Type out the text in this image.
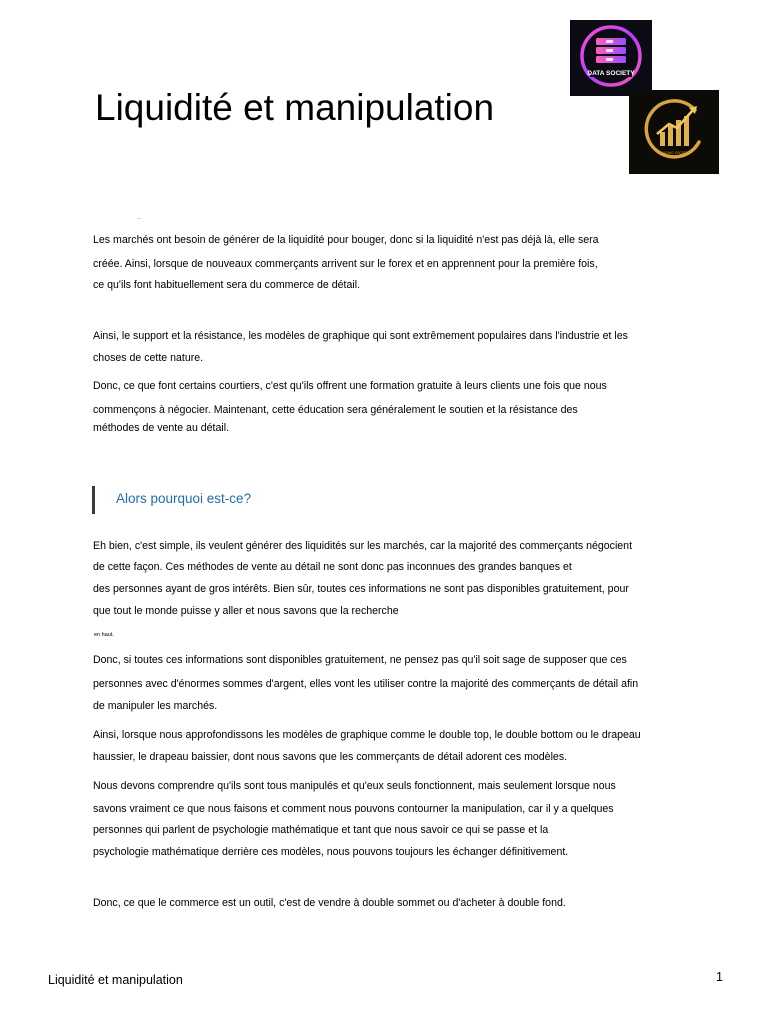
Liquidité et manipulation
DATA SOCIETY
TRADING SOCIETY
Les marchés ont besoin de générer de la liquidité pour bouger, donc si la liquidité n'est pas déjà là, elle sera
créée. Ainsi, lorsque de nouveaux commerçants arrivent sur le forex et en apprennent pour la première fois,
ce qu'ils font habituellement sera du commerce de détail.
Ainsi, le support et la résistance, les modèles de graphique qui sont extrêmement populaires dans l'industrie et les
choses de cette nature.
Donc, ce que font certains courtiers, c'est qu'ils offrent une formation gratuite à leurs clients une fois que nous
commençons à négocier. Maintenant, cette éducation sera généralement le soutien et la résistance des
méthodes de vente au détail.
Alors pourquoi est-ce?
Eh bien, c'est simple, ils veulent générer des liquidités sur les marchés, car la majorité des commerçants négocient
de cette façon. Ces méthodes de vente au détail ne sont donc pas inconnues des grandes banques et
des personnes ayant de gros intérêts. Bien sûr, toutes ces informations ne sont pas disponibles gratuitement, pour
que tout le monde puisse y aller et nous savons que la recherche
en haut.
Donc, si toutes ces informations sont disponibles gratuitement, ne pensez pas qu'il soit sage de supposer que ces
personnes avec d'énormes sommes d'argent, elles vont les utiliser contre la majorité des commerçants de détail afin
de manipuler les marchés.
Ainsi, lorsque nous approfondissons les modèles de graphique comme le double top, le double bottom ou le drapeau
haussier, le drapeau baissier, dont nous savons que les commerçants de détail adorent ces modèles.
Nous devons comprendre qu'ils sont tous manipulés et qu'eux seuls fonctionnent, mais seulement lorsque nous
savons vraiment ce que nous faisons et comment nous pouvons contourner la manipulation, car il y a quelques
personnes qui parlent de psychologie mathématique et tant que nous savoir ce qui se passe et la
psychologie mathématique derrière ces modèles, nous pouvons toujours les échanger définitivement.
Donc, ce que le commerce est un outil, c'est de vendre à double sommet ou d'acheter à double fond.
Liquidité et manipulation	1
